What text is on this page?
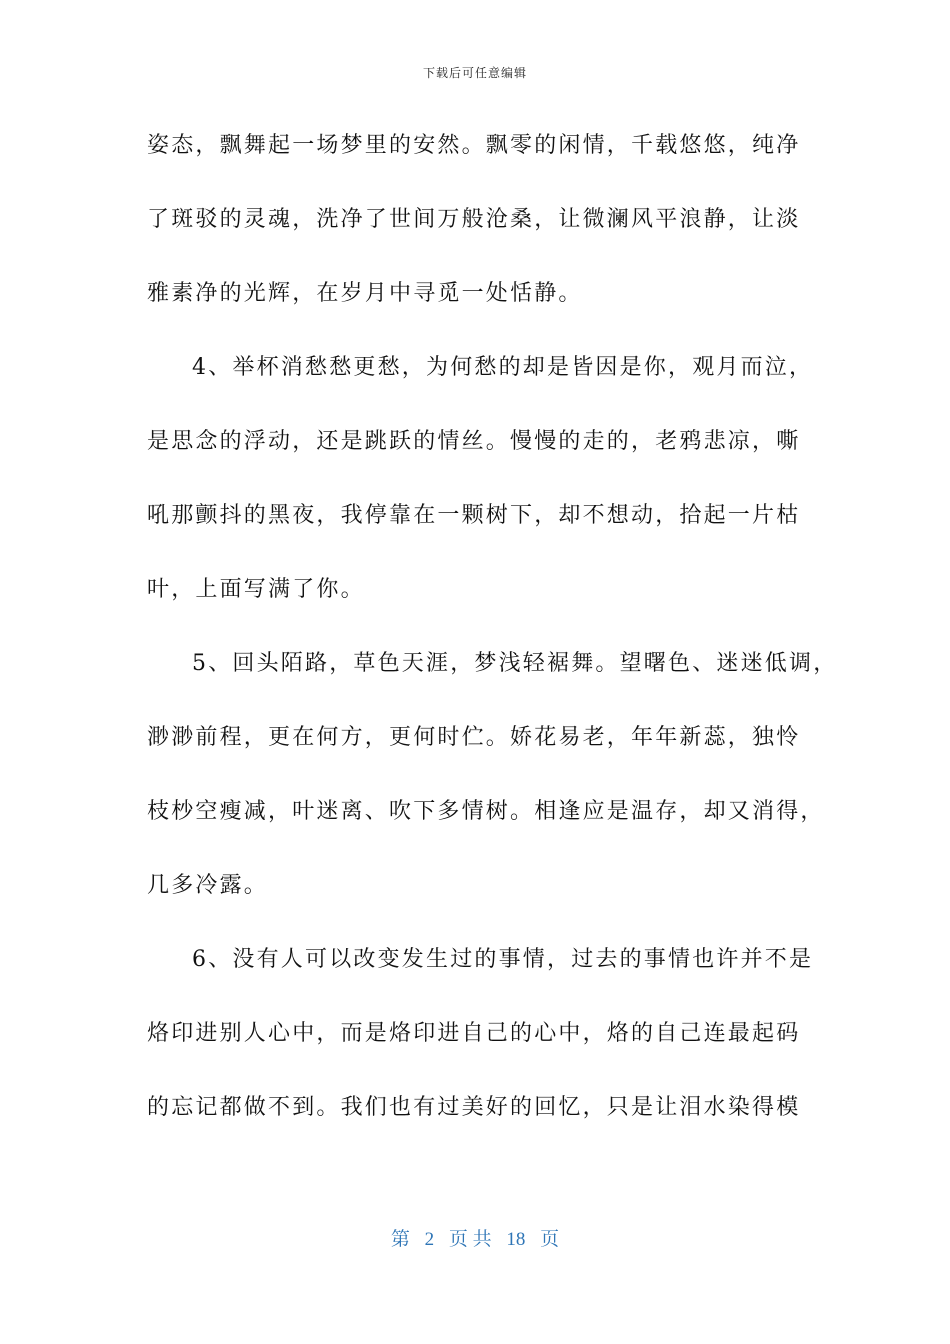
下载后可任意编辑
姿态，飘舞起一场梦里的安然。飘零的闲情，千载悠悠，纯净
了斑驳的灵魂，洗净了世间万般沧桑，让微澜风平浪静，让淡
雅素净的光辉，在岁月中寻觅一处恬静。
4、举杯消愁愁更愁，为何愁的却是皆因是你，观月而泣，
是思念的浮动，还是跳跃的情丝。慢慢的走的，老鸦悲凉，嘶
吼那颤抖的黑夜，我停靠在一颗树下，却不想动，拾起一片枯
叶，上面写满了你。
5、回头陌路，草色天涯，梦浅轻裾舞。望曙色、迷迷低调，
渺渺前程，更在何方，更何时伫。娇花易老，年年新蕊，独怜
枝杪空瘦减，叶迷离、吹下多情树。相逢应是温存，却又消得，
几多冷露。
6、没有人可以改变发生过的事情，过去的事情也许并不是
烙印进别人心中，而是烙印进自己的心中，烙的自己连最起码
的忘记都做不到。我们也有过美好的回忆，只是让泪水染得模
第 2 页 共 18 页
